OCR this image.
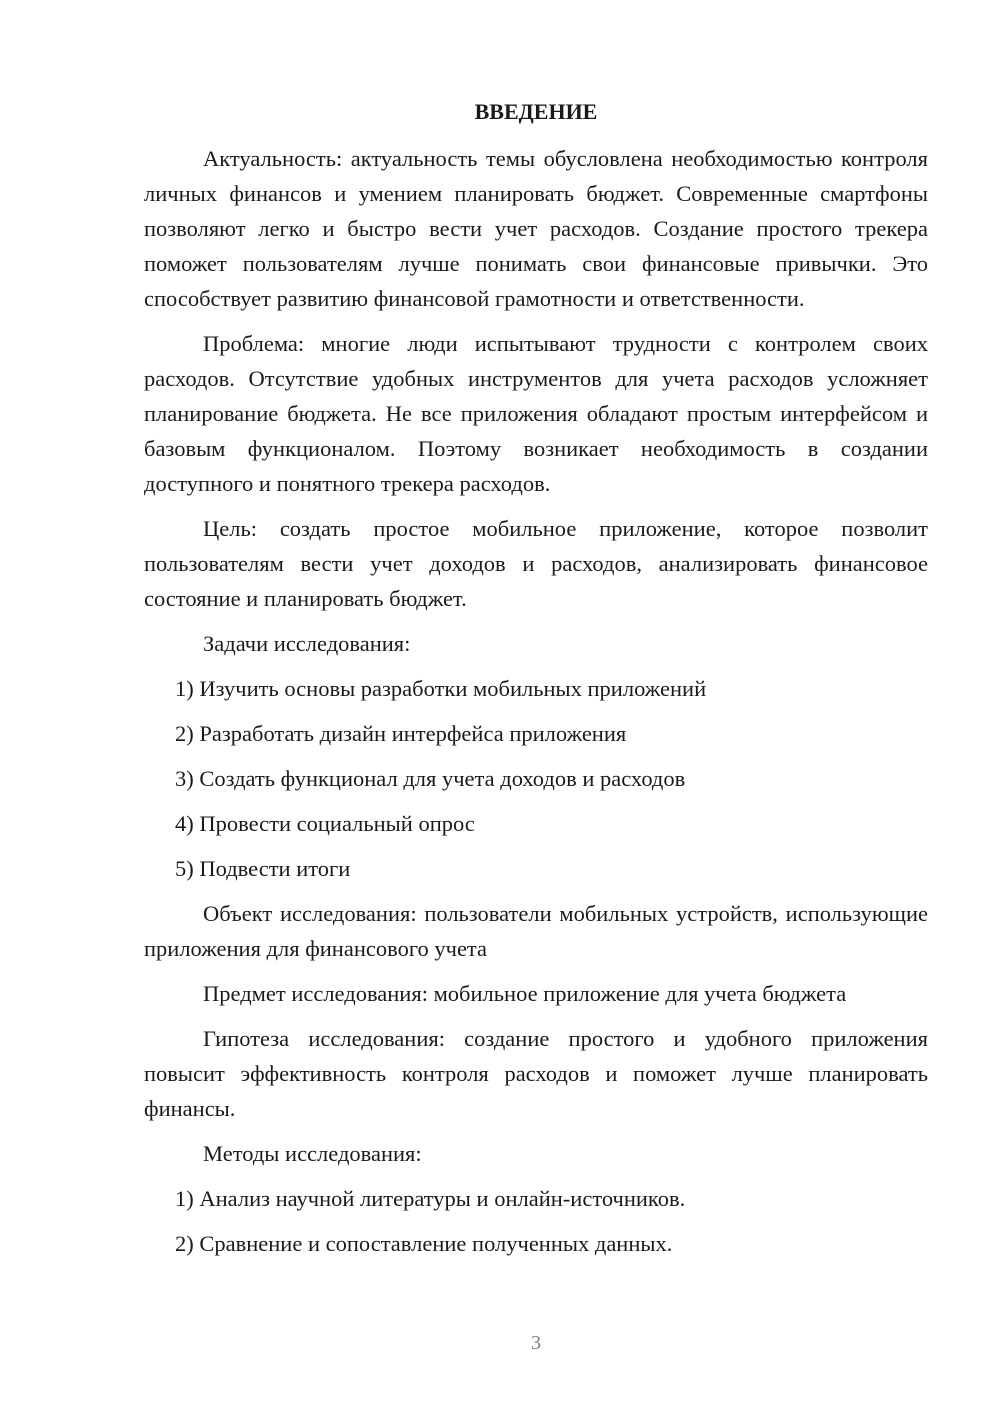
ВВЕДЕНИЕ

Актуальность: актуальность темы обусловлена необходимостью контроля личных финансов и умением планировать бюджет. Современные смартфоны позволяют легко и быстро вести учет расходов. Создание простого трекера поможет пользователям лучше понимать свои финансовые привычки. Это способствует развитию финансовой грамотности и ответственности.

Проблема: многие люди испытывают трудности с контролем своих расходов. Отсутствие удобных инструментов для учета расходов усложняет планирование бюджета. Не все приложения обладают простым интерфейсом и базовым функционалом. Поэтому возникает необходимость в создании доступного и понятного трекера расходов.

Цель: создать простое мобильное приложение, которое позволит пользователям вести учет доходов и расходов, анализировать финансовое состояние и планировать бюджет.

Задачи исследования:

1) Изучить основы разработки мобильных приложений
2) Разработать дизайн интерфейса приложения
3) Создать функционал для учета доходов и расходов
4) Провести социальный опрос
5) Подвести итоги

Объект исследования: пользователи мобильных устройств, использующие приложения для финансового учета

Предмет исследования: мобильное приложение для учета бюджета

Гипотеза исследования: создание простого и удобного приложения повысит эффективность контроля расходов и поможет лучше планировать финансы.

Методы исследования:

1) Анализ научной литературы и онлайн-источников.
2) Сравнение и сопоставление полученных данных.
3
